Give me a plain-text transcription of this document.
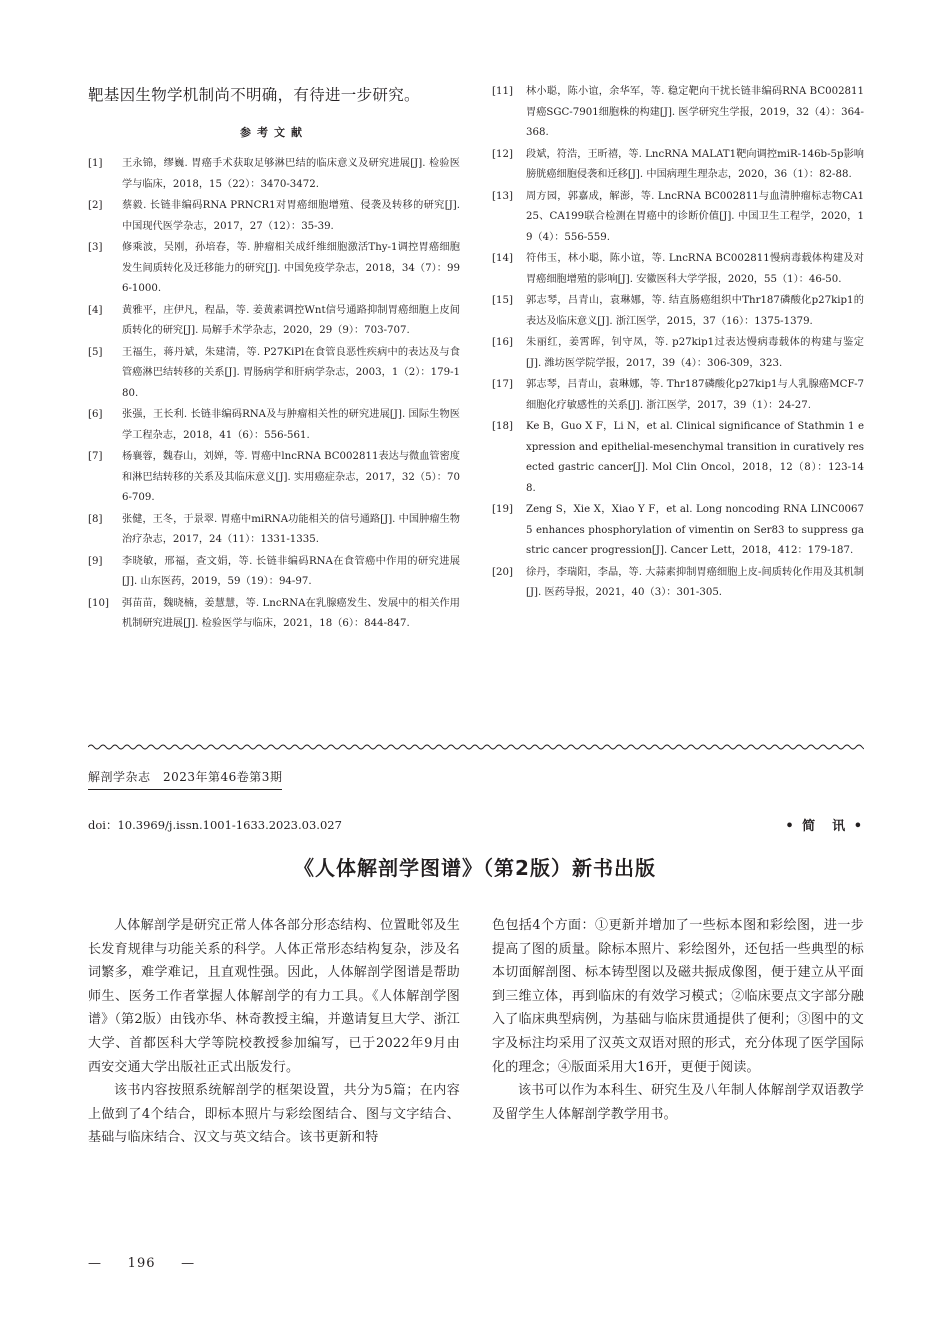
靶基因生物学机制尚不明确，有待进一步研究。

参考文献

[1]	王永锦，缪巍. 胃癌手术获取足够淋巴结的临床意义及研究进展[J]. 检验医学与临床，2018，15（22）：3470-3472.
[2]	蔡毅. 长链非编码RNA PRNCR1对胃癌细胞增殖、侵袭及转移的研究[J]. 中国现代医学杂志，2017，27（12）：35-39.
[3]	修乘波，吴刚，孙培春，等. 肿瘤相关成纤维细胞激活Thy-1调控胃癌细胞发生间质转化及迁移能力的研究[J]. 中国免疫学杂志，2018，34（7）：996-1000.
[4]	黄雅平，庄伊凡，程晶，等. 姜黄素调控Wnt信号通路抑制胃癌细胞上皮间质转化的研究[J]. 局解手术学杂志，2020，29（9）：703-707.
[5]	王福生，蒋丹斌，朱建清，等. P27KiPl在食管良恶性疾病中的表达及与食管癌淋巴结转移的关系[J]. 胃肠病学和肝病学杂志，2003，1（2）：179-180.
[6]	张强，王长利. 长链非编码RNA及与肿瘤相关性的研究进展[J]. 国际生物医学工程杂志，2018，41（6）：556-561.
[7]	杨襄蓉，魏春山，刘婵，等. 胃癌中lncRNA BC002811表达与微血管密度和淋巴结转移的关系及其临床意义[J]. 实用癌症杂志，2017，32（5）：706-709.
[8]	张健，王冬，于景翠. 胃癌中miRNA功能相关的信号通路[J]. 中国肿瘤生物治疗杂志，2017，24（11）：1331-1335.
[9]	李晓敏，邢福，查文娟，等. 长链非编码RNA在食管癌中作用的研究进展[J]. 山东医药，2019，59（19）：94-97.
[10]	弭苗苗，魏晓楠，姜慧慧，等. LncRNA在乳腺癌发生、发展中的相关作用机制研究进展[J]. 检验医学与临床，2021，18（6）：844-847.
[11]	林小聪，陈小谊，余华军，等. 稳定靶向干扰长链非编码RNA BC002811胃癌SGC-7901细胞株的构建[J]. 医学研究生学报，2019，32（4）：364-368.
[12]	段斌，符浩，王昕禧，等. LncRNA MALAT1靶向调控miR-146b-5p影响膀胱癌细胞侵袭和迁移[J]. 中国病理生理杂志，2020，36（1）：82-88.
[13]	周方园，郭嘉成，解澎，等. LncRNA BC002811与血清肿瘤标志物CA125、CA199联合检测在胃癌中的诊断价值[J]. 中国卫生工程学，2020，19（4）：556-559.
[14]	符伟玉，林小聪，陈小谊，等. LncRNA BC002811慢病毒载体构建及对胃癌细胞增殖的影响[J]. 安徽医科大学学报，2020，55（1）：46-50.
[15]	郭志琴，吕青山，袁琳娜，等. 结直肠癌组织中Thr187磷酸化p27kip1的表达及临床意义[J]. 浙江医学，2015，37（16）：1375-1379.
[16]	朱丽红，姜霄晖，钊守凤，等. p27kip1过表达慢病毒载体的构建与鉴定[J]. 潍坊医学院学报，2017，39（4）：306-309，323.
[17]	郭志琴，吕青山，袁琳娜，等. Thr187磷酸化p27kip1与人乳腺癌MCF-7细胞化疗敏感性的关系[J]. 浙江医学，2017，39（1）：24-27.
[18]	Ke B，Guo X F，Li N，et al. Clinical significance of Stathmin 1 expression and epithelial-mesenchymal transition in curatively resected gastric cancer[J]. Mol Clin Oncol，2018，12（8）：123-148.
[19]	Zeng S，Xie X，Xiao Y F，et al. Long noncoding RNA LINC00675 enhances phosphorylation of vimentin on Ser83 to suppress gastric cancer progression[J]. Cancer Lett，2018，412：179-187.
[20]	徐丹，李瑞阳，李晶，等. 大蒜素抑制胃癌细胞上皮-间质转化作用及其机制[J]. 医药导报，2021，40（3）：301-305.
解剖学杂志　2023年第46卷第3期
doi：10.3969/j.issn.1001-1633.2023.03.027	• 简　讯 •
《人体解剖学图谱》（第2版）新书出版

人体解剖学是研究正常人体各部分形态结构、位置毗邻及生长发育规律与功能关系的科学。人体正常形态结构复杂，涉及名词繁多，难学难记，且直观性强。因此，人体解剖学图谱是帮助师生、医务工作者掌握人体解剖学的有力工具。《人体解剖学图谱》（第2版）由钱亦华、林奇教授主编，并邀请复旦大学、浙江大学、首都医科大学等院校教授参加编写，已于2022年9月由西安交通大学出版社正式出版发行。

该书内容按照系统解剖学的框架设置，共分为5篇；在内容上做到了4个结合，即标本照片与彩绘图结合、图与文字结合、基础与临床结合、汉文与英文结合。该书更新和特

色包括4个方面：①更新并增加了一些标本图和彩绘图，进一步提高了图的质量。除标本照片、彩绘图外，还包括一些典型的标本切面解剖图、标本铸型图以及磁共振成像图，便于建立从平面到三维立体，再到临床的有效学习模式；②临床要点文字部分融入了临床典型病例，为基础与临床贯通提供了便利；③图中的文字及标注均采用了汉英文双语对照的形式，充分体现了医学国际化的理念；④版面采用大16开，更便于阅读。

该书可以作为本科生、研究生及八年制人体解剖学双语教学及留学生人体解剖学教学用书。

— 196 —
